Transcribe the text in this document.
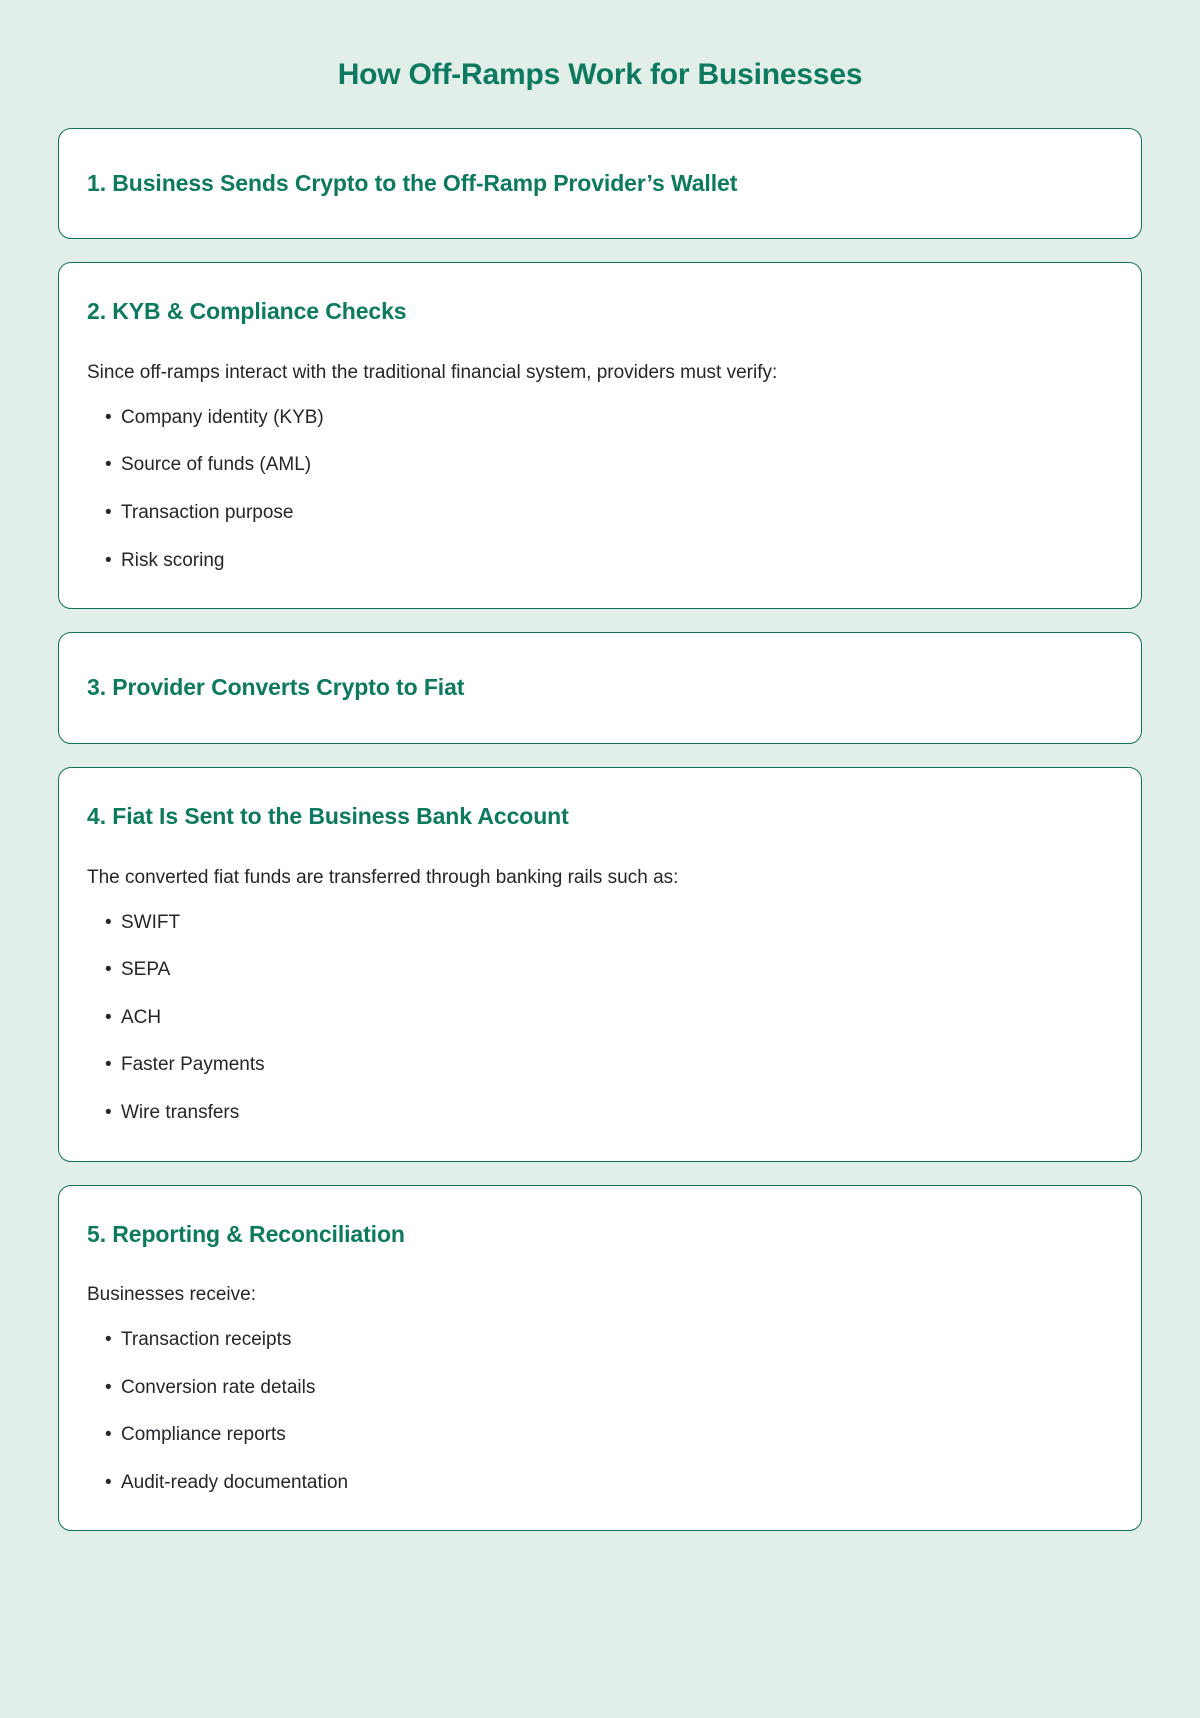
How Off-Ramps Work for Businesses
1. Business Sends Crypto to the Off-Ramp Provider’s Wallet
2. KYB & Compliance Checks

Since off-ramps interact with the traditional financial system, providers must verify:

• Company identity (KYB)
• Source of funds (AML)
• Transaction purpose
• Risk scoring
3. Provider Converts Crypto to Fiat
4. Fiat Is Sent to the Business Bank Account

The converted fiat funds are transferred through banking rails such as:

• SWIFT
• SEPA
• ACH
• Faster Payments
• Wire transfers
5. Reporting & Reconciliation

Businesses receive:

• Transaction receipts
• Conversion rate details
• Compliance reports
• Audit-ready documentation
